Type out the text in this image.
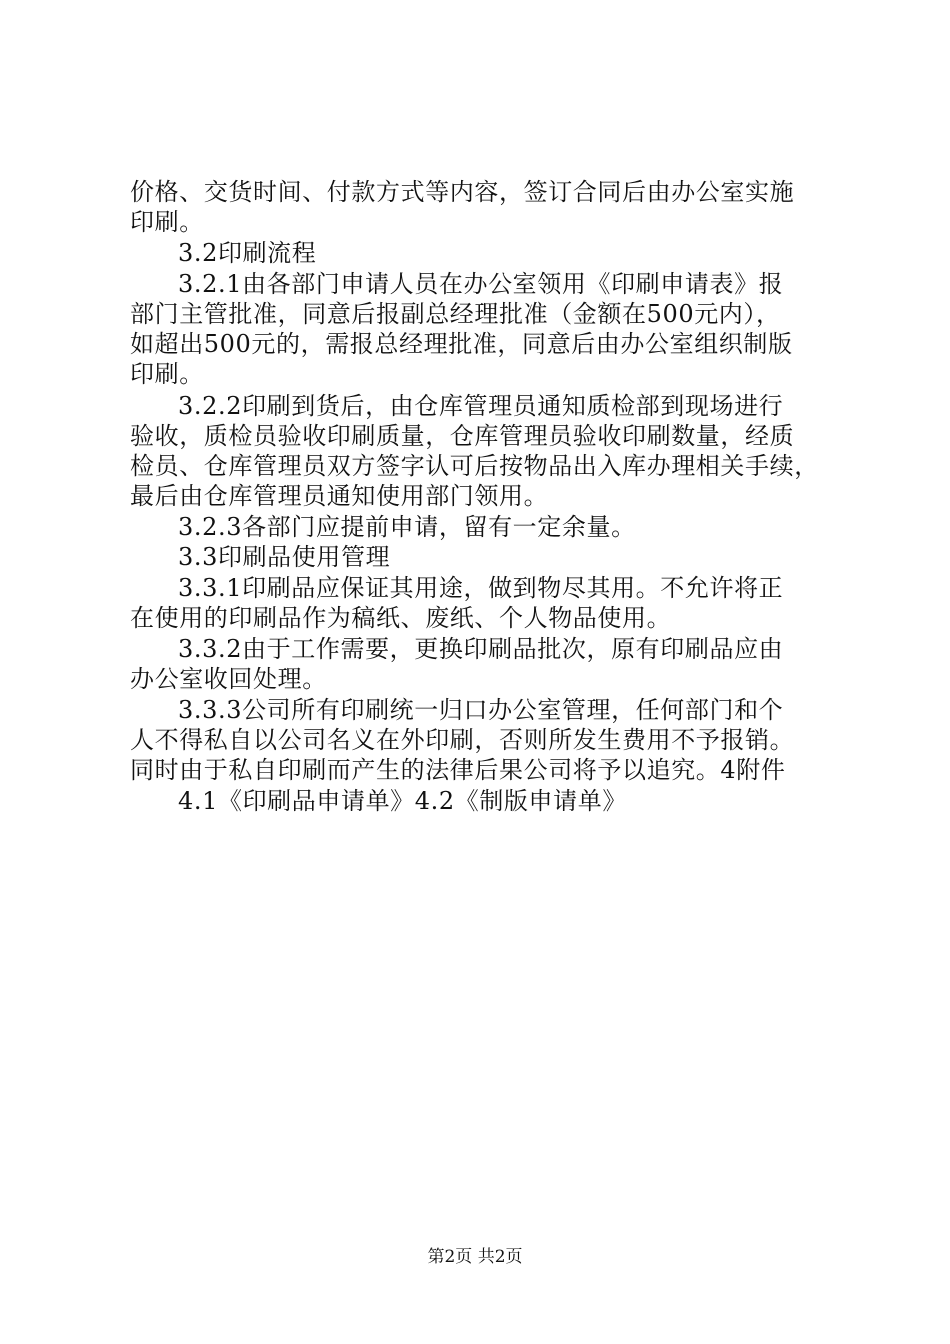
价格、交货时间、付款方式等内容，签订合同后由办公室实施
印刷。
3.2印刷流程
3.2.1由各部门申请人员在办公室领用《印刷申请表》报
部门主管批准，同意后报副总经理批准（金额在500元内），
如超出500元的，需报总经理批准，同意后由办公室组织制版
印刷。
3.2.2印刷到货后，由仓库管理员通知质检部到现场进行
验收，质检员验收印刷质量，仓库管理员验收印刷数量，经质
检员、仓库管理员双方签字认可后按物品出入库办理相关手续，
最后由仓库管理员通知使用部门领用。
3.2.3各部门应提前申请，留有一定余量。
3.3印刷品使用管理
3.3.1印刷品应保证其用途，做到物尽其用。不允许将正
在使用的印刷品作为稿纸、废纸、个人物品使用。
3.3.2由于工作需要，更换印刷品批次，原有印刷品应由
办公室收回处理。
3.3.3公司所有印刷统一归口办公室管理，任何部门和个
人不得私自以公司名义在外印刷，否则所发生费用不予报销。
同时由于私自印刷而产生的法律后果公司将予以追究。4附件
4.1《印刷品申请单》4.2《制版申请单》
第2页 共2页
